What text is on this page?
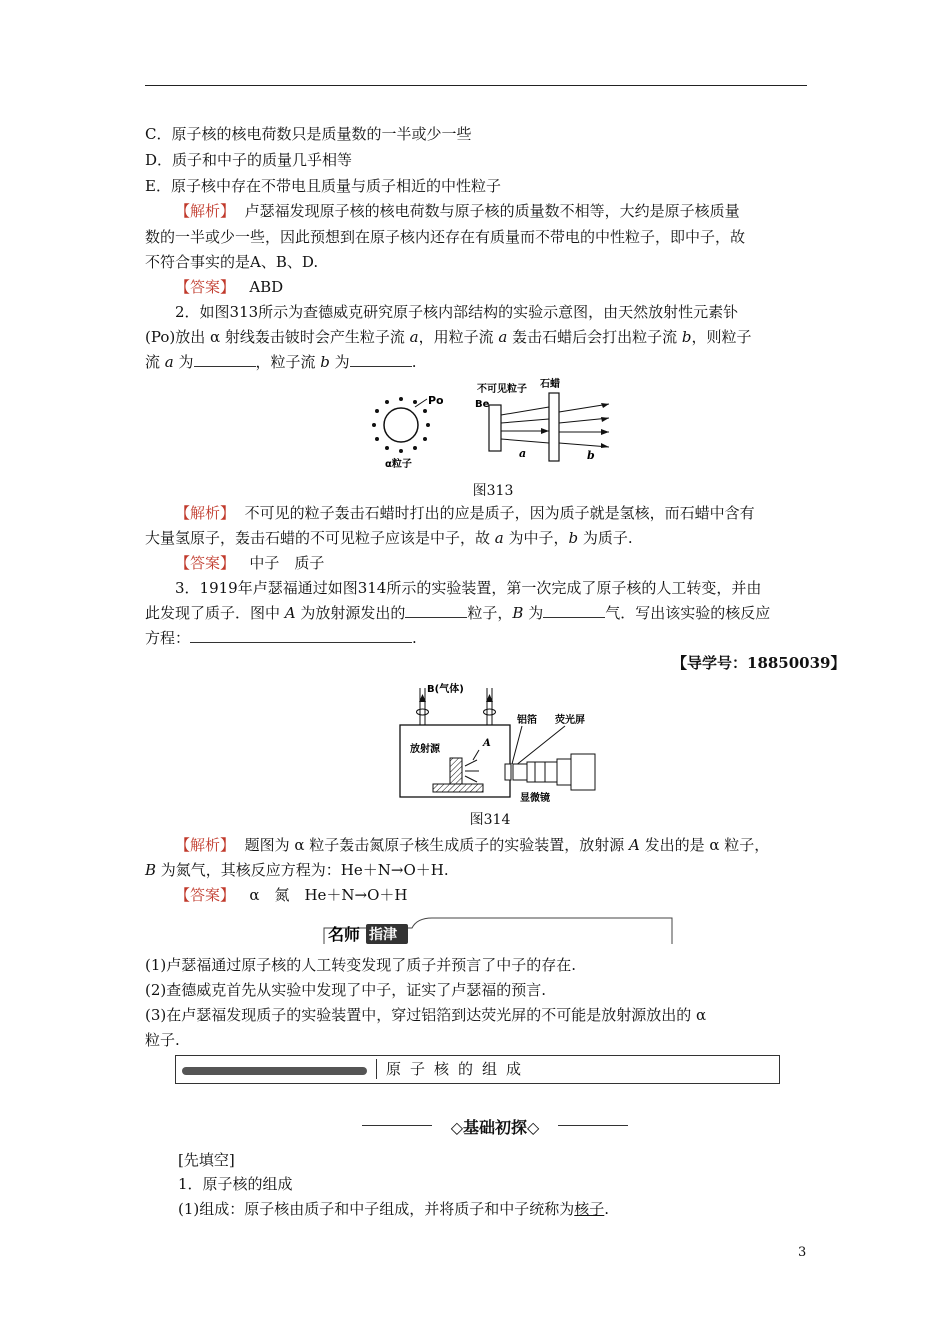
C．原子核的核电荷数只是质量数的一半或少一些
D．质子和中子的质量几乎相等
E．原子核中存在不带电且质量与质子相近的中性粒子
【解析】 卢瑟福发现原子核的核电荷数与原子核的质量数不相等，大约是原子核质量
数的一半或少一些，因此预想到在原子核内还存在有质量而不带电的中性粒子，即中子，故
不符合事实的是A、B、D.
【答案】 ABD
2．如图313所示为查德威克研究原子核内部结构的实验示意图，由天然放射性元素钋
(Po)放出 α 射线轰击铍时会产生粒子流 a，用粒子流 a 轰击石蜡后会打出粒子流 b，则粒子
流 a 为	，粒子流 b 为	.
Po
α粒子
Be
不可见粒子 石蜡
a	b
图313
【解析】 不可见的粒子轰击石蜡时打出的应是质子，因为质子就是氢核，而石蜡中含有
大量氢原子，轰击石蜡的不可见粒子应该是中子，故 a 为中子，b 为质子.
【答案】 中子　质子
3．1919年卢瑟福通过如图314所示的实验装置，第一次完成了原子核的人工转变，并由
此发现了质子．图中 A 为放射源发出的	粒子，B 为	气．写出该实验的核反应
方程：	.
【导学号：18850039】
B(气体)
铝箔 荧光屏
放射源
A
显微镜
图314
【解析】 题图为 α 粒子轰击氮原子核生成质子的实验装置，放射源 A 发出的是 α 粒子，
B 为氮气，其核反应方程为：He＋N→O＋H.
【答案】 α　氮　He＋N→O＋H
名师 指津
(1)卢瑟福通过原子核的人工转变发现了质子并预言了中子的存在.
(2)查德威克首先从实验中发现了中子，证实了卢瑟福的预言.
(3)在卢瑟福发现质子的实验装置中，穿过铝箔到达荧光屏的不可能是放射源放出的 α
粒子.
原子核的组成
◇基础初探◇
[先填空]
1．原子核的组成
(1)组成：原子核由质子和中子组成，并将质子和中子统称为核子.
3
